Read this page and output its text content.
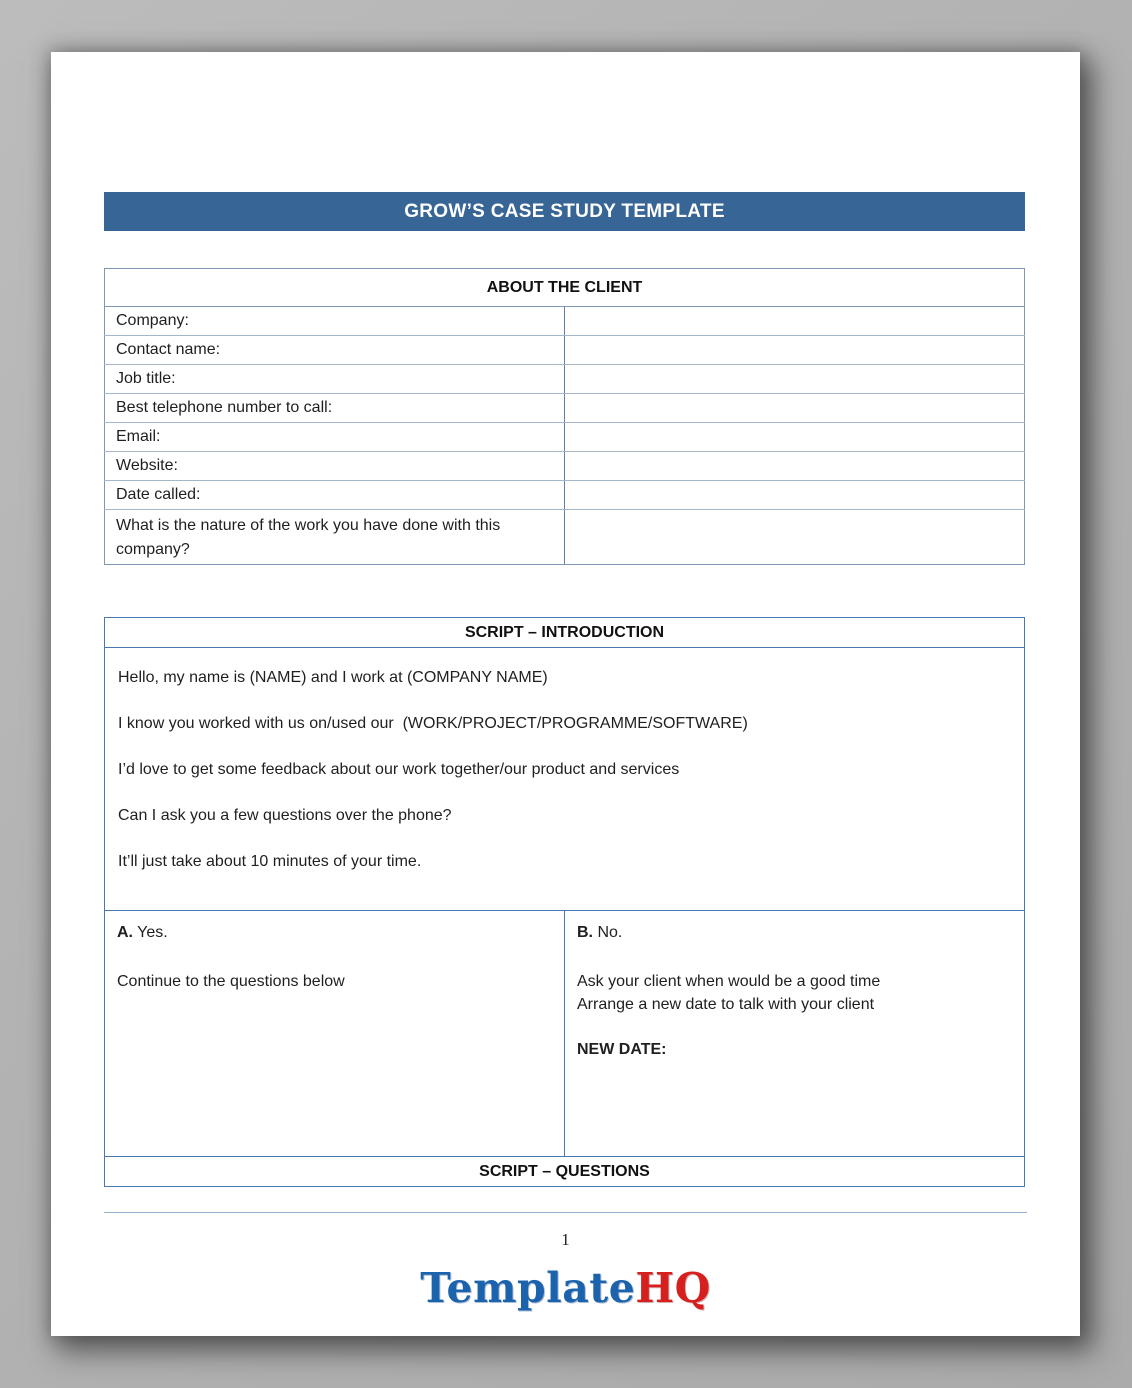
GROW’S CASE STUDY TEMPLATE
ABOUT THE CLIENT	
Company:	
Contact name:	
Job title:	
Best telephone number to call:	
Email:	
Website:	
Date called:	
What is the nature of the work you have done with this company?	
SCRIPT – INTRODUCTION

Hello, my name is (NAME) and I work at (COMPANY NAME)

I know you worked with us on/used our  (WORK/PROJECT/PROGRAMME/SOFTWARE)

I’d love to get some feedback about our work together/our product and services

Can I ask you a few questions over the phone?

It’ll just take about 10 minutes of your time.

A. Yes.

Continue to the questions below

B. No.
Ask your client when would be a good time
Arrange a new date to talk with your client
NEW DATE:

SCRIPT – QUESTIONS
1
TemplateHQ
